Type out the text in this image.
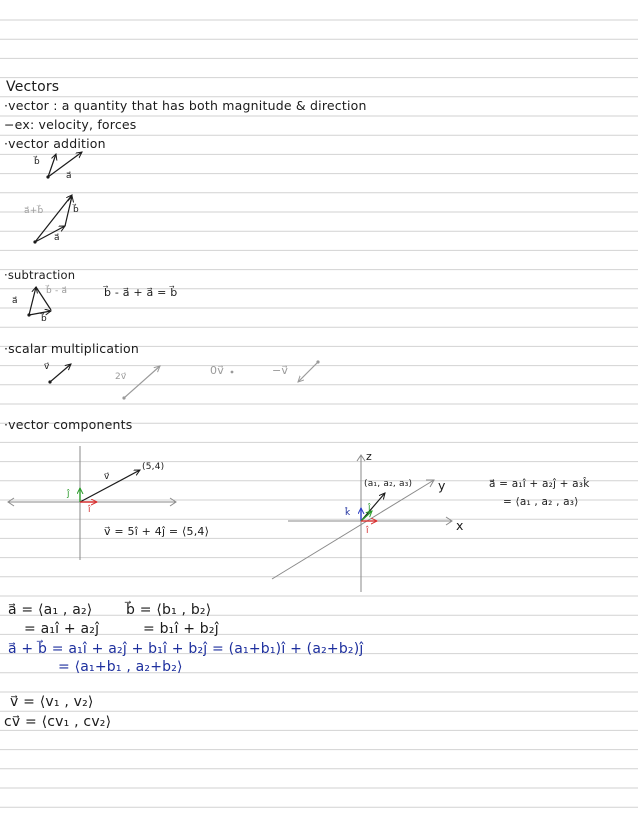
Vectors
·vector : a quantity that has both magnitude & direction
−ex: velocity, forces
·vector addition
b⃗
a⃗
a⃗+b⃗	b⃗
a⃗
·subtraction
b⃗ - a⃗
a⃗
b⃗
b⃗ - a⃗ + a⃗ = b⃗
·scalar multiplication
v⃗
2v⃗	0v⃗	−v⃗
·vector components
v⃗
(5,4)
ĵ
î
v⃗ = 5î + 4ĵ = ⟨5,4⟩
z
y
x
(a₁, a₂, a₃)
k̂ ĵ
î
a⃗ = a₁î + a₂ĵ + a₃k̂
= ⟨a₁ , a₂ , a₃⟩
a⃗ = ⟨a₁ , a₂⟩ b⃗ = ⟨b₁ , b₂⟩
= a₁î + a₂ĵ	= b₁î + b₂ĵ
a⃗ + b⃗ = a₁î + a₂ĵ + b₁î + b₂ĵ = (a₁+b₁)î + (a₂+b₂)ĵ
= ⟨a₁+b₁ , a₂+b₂⟩
v⃗ = ⟨v₁ , v₂⟩
cv⃗ = ⟨cv₁ , cv₂⟩
